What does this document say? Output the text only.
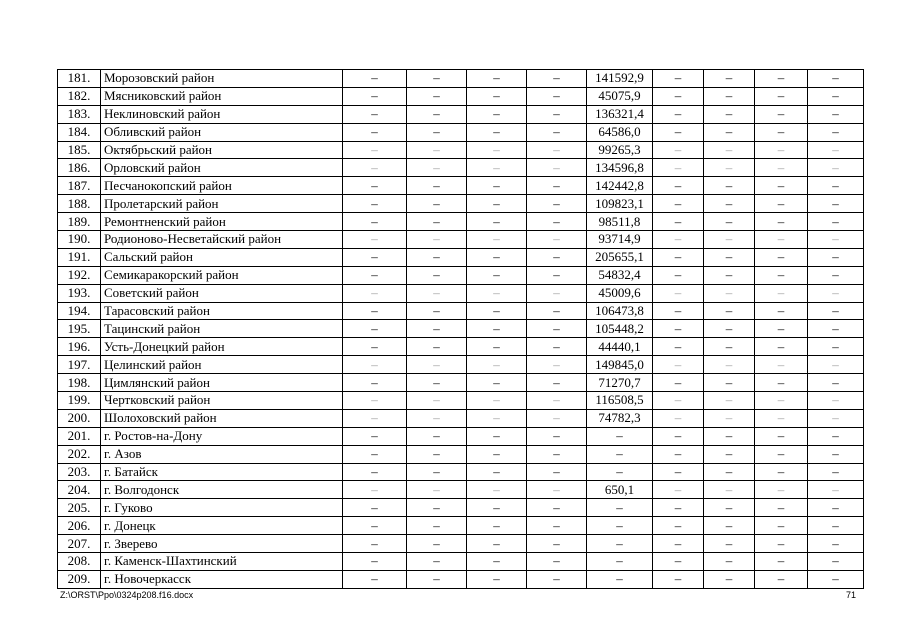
181.	Морозовский район	–	–	–	–	141592,9	–	–	–	–
182.	Мясниковский район	–	–	–	–	45075,9	–	–	–	–
183.	Неклиновский район	–	–	–	–	136321,4	–	–	–	–
184.	Обливский район	–	–	–	–	64586,0	–	–	–	–
185.	Октябрьский район	–	–	–	–	99265,3	–	–	–	–
186.	Орловский район	–	–	–	–	134596,8	–	–	–	–
187.	Песчанокопский район	–	–	–	–	142442,8	–	–	–	–
188.	Пролетарский район	–	–	–	–	109823,1	–	–	–	–
189.	Ремонтненский район	–	–	–	–	98511,8	–	–	–	–
190.	Родионово-Несветайский район	–	–	–	–	93714,9	–	–	–	–
191.	Сальский район	–	–	–	–	205655,1	–	–	–	–
192.	Семикаракорский район	–	–	–	–	54832,4	–	–	–	–
193.	Советский район	–	–	–	–	45009,6	–	–	–	–
194.	Тарасовский район	–	–	–	–	106473,8	–	–	–	–
195.	Тацинский район	–	–	–	–	105448,2	–	–	–	–
196.	Усть-Донецкий район	–	–	–	–	44440,1	–	–	–	–
197.	Целинский район	–	–	–	–	149845,0	–	–	–	–
198.	Цимлянский район	–	–	–	–	71270,7	–	–	–	–
199.	Чертковский район	–	–	–	–	116508,5	–	–	–	–
200.	Шолоховский район	–	–	–	–	74782,3	–	–	–	–
201.	г. Ростов-на-Дону	–	–	–	–	–	–	–	–	–
202.	г. Азов	–	–	–	–	–	–	–	–	–
203.	г. Батайск	–	–	–	–	–	–	–	–	–
204.	г. Волгодонск	–	–	–	–	650,1	–	–	–	–
205.	г. Гуково	–	–	–	–	–	–	–	–	–
206.	г. Донецк	–	–	–	–	–	–	–	–	–
207.	г. Зверево	–	–	–	–	–	–	–	–	–
208.	г. Каменск-Шахтинский	–	–	–	–	–	–	–	–	–
209.	г. Новочеркасск	–	–	–	–	–	–	–	–	–
Z:\ORST\Ppo\0324p208.f16.docx	71
